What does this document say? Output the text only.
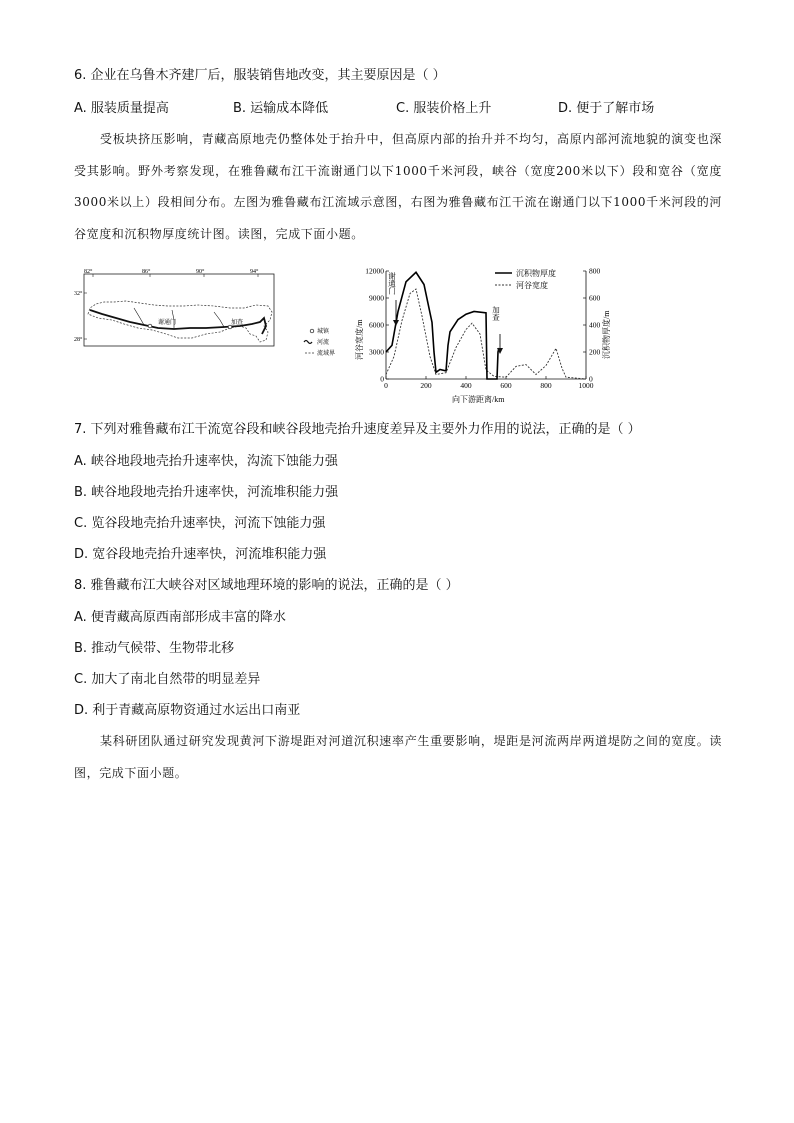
6. 企业在乌鲁木齐建厂后，服装销售地改变，其主要原因是（ ）
A. 服装质量提高	B. 运输成本降低	C. 服装价格上升	D. 便于了解市场
受板块挤压影响，青藏高原地壳仍整体处于抬升中，但高原内部的抬升并不均匀，高原内部河流地貌的演变也深受其影响。野外考察发现，在雅鲁藏布江干流谢通门以下1000千米河段，峡谷（宽度200米以下）段和宽谷（宽度3000米以上）段相间分布。左图为雅鲁藏布江流域示意图，右图为雅鲁藏布江干流在谢通门以下1000千米河段的河谷宽度和沉积物厚度统计图。读图，完成下面小题。
82°	86°	90°	94°
32°
28°
谢通门	加查
城镇
河流
流域界
0	200	400	600	800	1000
0
3000
6000
9000
12000
0
200
400
600
800
河谷宽度/m	沉积物厚度/m
向下游距离/km
沉积物厚度
河谷宽度
谢通门
加查
7. 下列对雅鲁藏布江干流宽谷段和峡谷段地壳抬升速度差异及主要外力作用的说法，正确的是（ ）
A. 峡谷地段地壳抬升速率快，沟流下蚀能力强
B. 峡谷地段地壳抬升速率快，河流堆积能力强
C. 览谷段地壳抬升速率快，河流下蚀能力强
D. 宽谷段地壳抬升速率快，河流堆积能力强
8. 雅鲁藏布江大峡谷对区域地理环境的影响的说法，正确的是（ ）
A. 便青藏高原西南部形成丰富的降水
B. 推动气候带、生物带北移
C. 加大了南北自然带的明显差异
D. 利于青藏高原物资通过水运出口南亚
某科研团队通过研究发现黄河下游堤距对河道沉积速率产生重要影响，堤距是河流两岸两道堤防之间的宽度。读图，完成下面小题。
